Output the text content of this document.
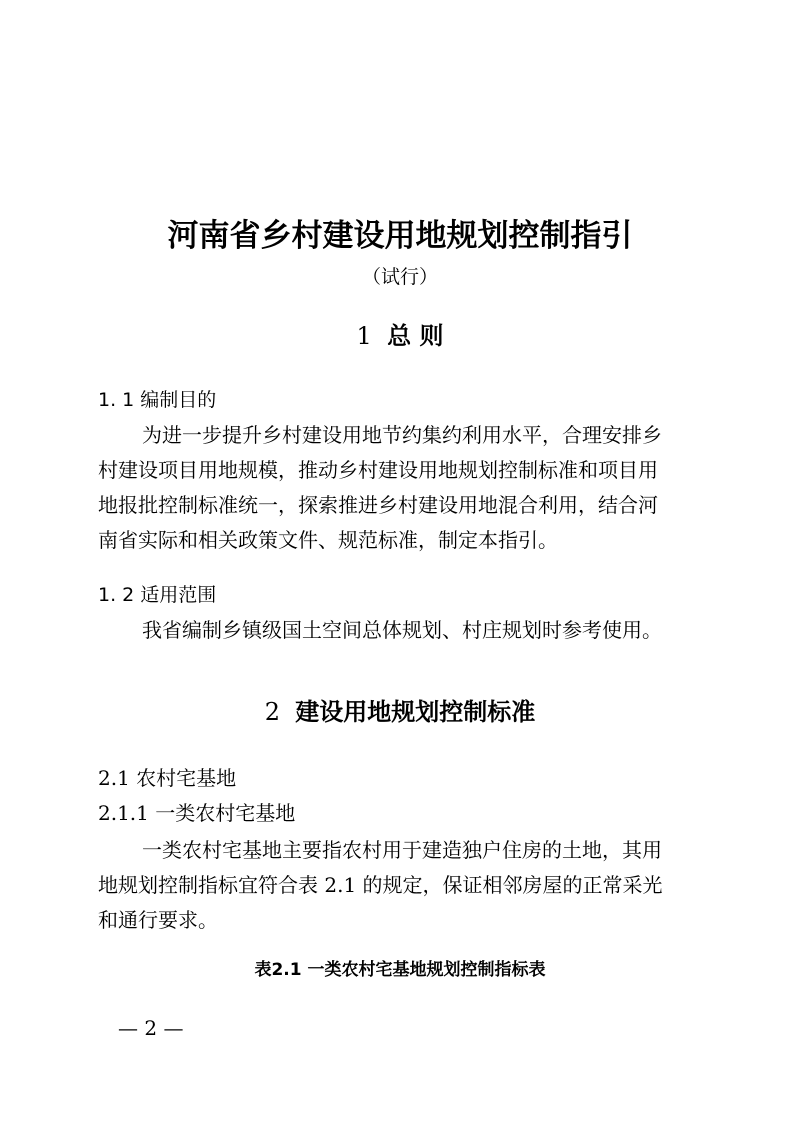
河南省乡村建设用地规划控制指引
（试行）
1 总 则
1. 1 编制目的
为进一步提升乡村建设用地节约集约利用水平，合理安排乡
村建设项目用地规模，推动乡村建设用地规划控制标准和项目用
地报批控制标准统一，探索推进乡村建设用地混合利用，结合河
南省实际和相关政策文件、规范标准，制定本指引。
1. 2 适用范围
我省编制乡镇级国土空间总体规划、村庄规划时参考使用。
2 建设用地规划控制标准
2.1 农村宅基地
2.1.1 一类农村宅基地
一类农村宅基地主要指农村用于建造独户住房的土地，其用
地规划控制指标宜符合表 2.1 的规定，保证相邻房屋的正常采光
和通行要求。
表2.1 一类农村宅基地规划控制指标表
— 2 —
